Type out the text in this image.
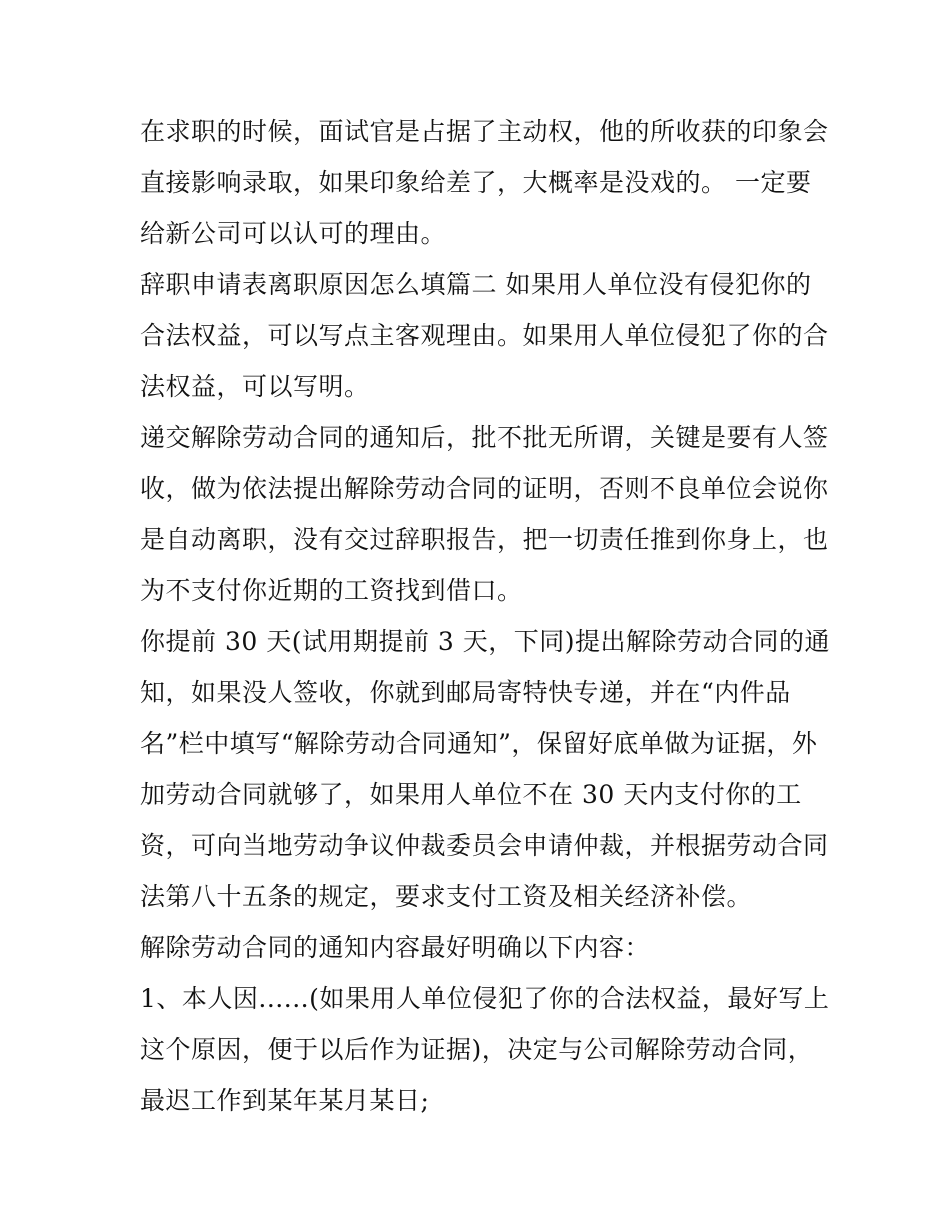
在求职的时候，面试官是占据了主动权，他的所收获的印象会
直接影响录取，如果印象给差了，大概率是没戏的。 一定要
给新公司可以认可的理由。
辞职申请表离职原因怎么填篇二 如果用人单位没有侵犯你的
合法权益，可以写点主客观理由。如果用人单位侵犯了你的合
法权益，可以写明。
递交解除劳动合同的通知后，批不批无所谓，关键是要有人签
收，做为依法提出解除劳动合同的证明，否则不良单位会说你
是自动离职，没有交过辞职报告，把一切责任推到你身上，也
为不支付你近期的工资找到借口。
你提前 30 天(试用期提前 3 天，下同)提出解除劳动合同的通
知，如果没人签收，你就到邮局寄特快专递，并在“内件品
名”栏中填写“解除劳动合同通知”，保留好底单做为证据，外
加劳动合同就够了，如果用人单位不在 30 天内支付你的工
资，可向当地劳动争议仲裁委员会申请仲裁，并根据劳动合同
法第八十五条的规定，要求支付工资及相关经济补偿。
解除劳动合同的通知内容最好明确以下内容：
1、本人因......(如果用人单位侵犯了你的合法权益，最好写上
这个原因，便于以后作为证据)，决定与公司解除劳动合同，
最迟工作到某年某月某日;
